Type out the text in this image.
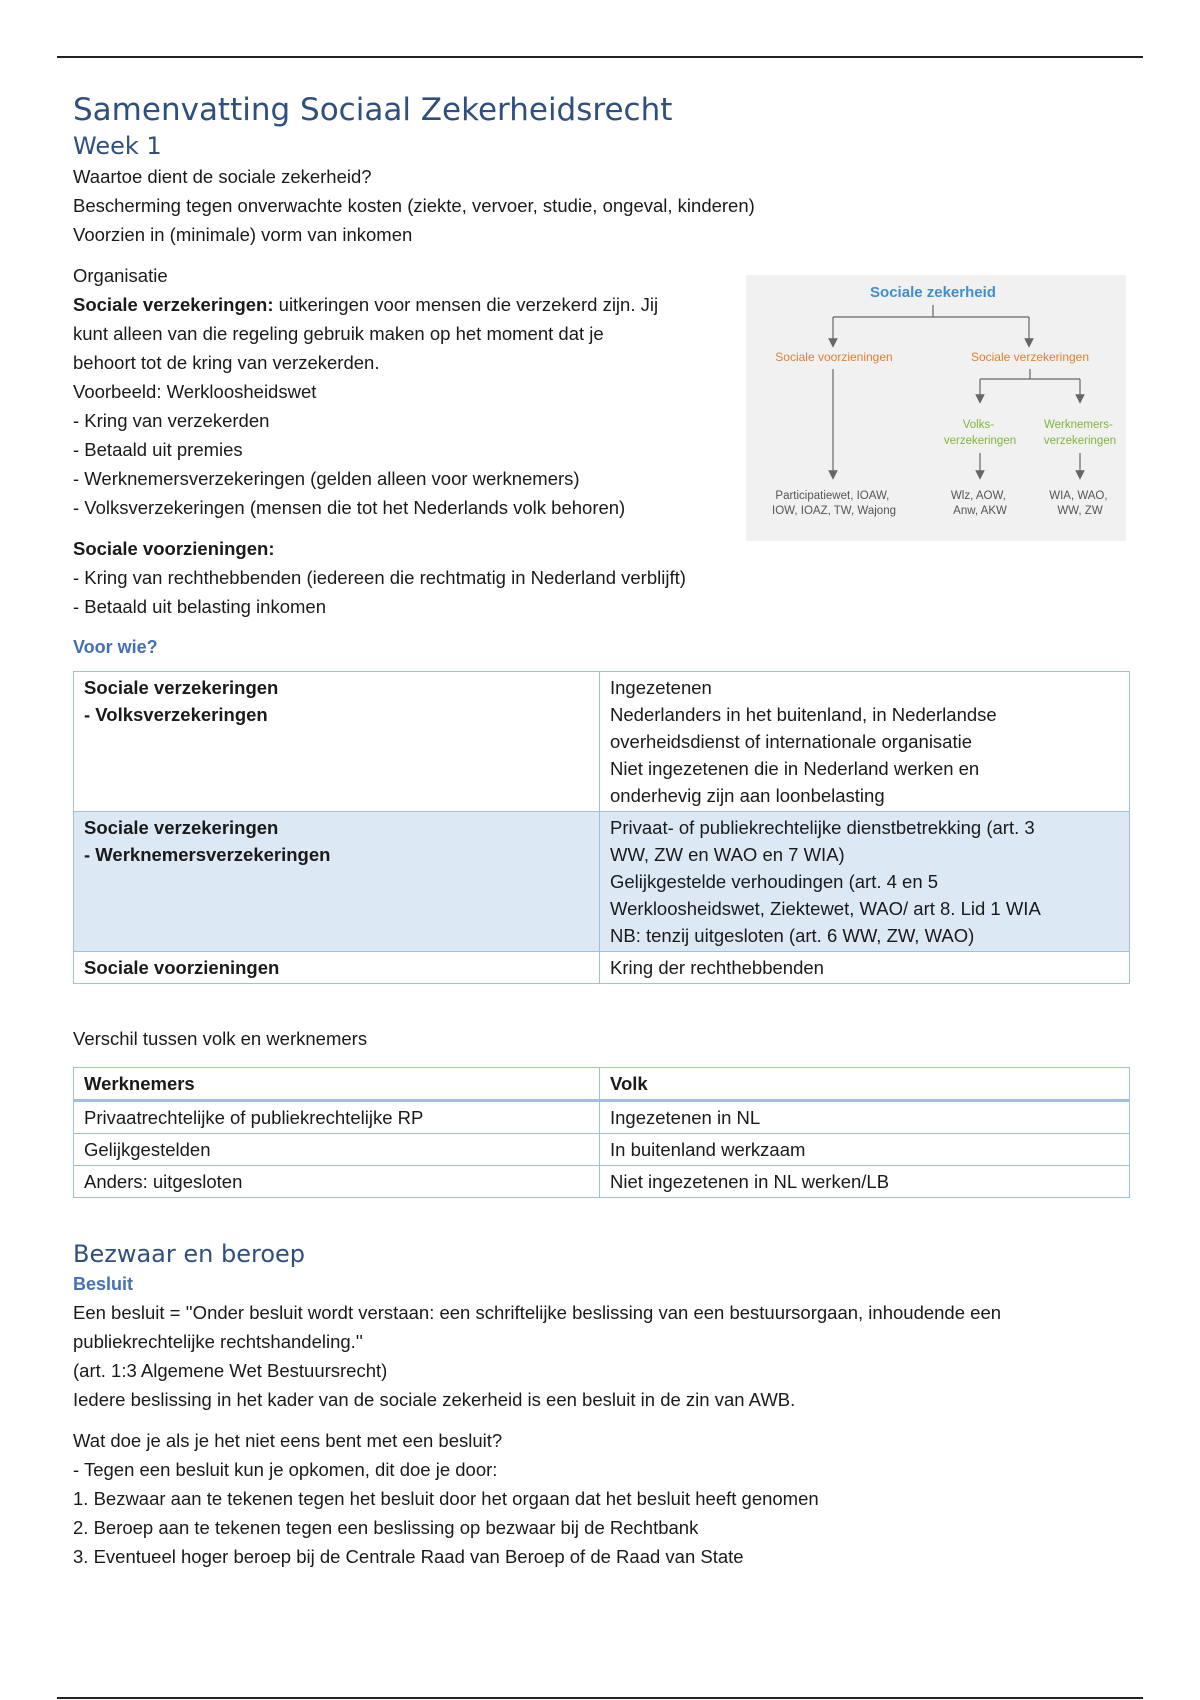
Samenvatting Sociaal Zekerheidsrecht
Week 1

Waartoe dient de sociale zekerheid?

Bescherming tegen onverwachte kosten (ziekte, vervoer, studie, ongeval, kinderen)

Voorzien in (minimale) vorm van inkomen

Organisatie

Sociale verzekeringen: uitkeringen voor mensen die verzekerd zijn. Jij

kunt alleen van die regeling gebruik maken op het moment dat je

behoort tot de kring van verzekerden.

Voorbeeld: Werkloosheidswet

- Kring van verzekerden

- Betaald uit premies

- Werknemersverzekeringen (gelden alleen voor werknemers)

- Volksverzekeringen (mensen die tot het Nederlands volk behoren)

Sociale voorzieningen:

- Kring van rechthebbenden (iedereen die rechtmatig in Nederland verblijft)

- Betaald uit belasting inkomen

Sociale zekerheid
Sociale voorzieningen	Sociale verzekeringen
Volks- verzekeringen
Werknemers- verzekeringen
Participatiewet, IOAW, IOW, IOAZ, TW, Wajong
Wlz, AOW, Anw, AKW
WIA, WAO, WW, ZW
Voor wie?
Sociale verzekeringen
- Volksverzekeringen	Ingezetenen
Nederlanders in het buitenland, in Nederlandse
overheidsdienst of internationale organisatie
Niet ingezetenen die in Nederland werken en
onderhevig zijn aan loonbelasting

Sociale verzekeringen
- Werknemersverzekeringen	Privaat- of publiekrechtelijke dienstbetrekking (art. 3
WW, ZW en WAO en 7 WIA)
Gelijkgestelde verhoudingen (art. 4 en 5
Werkloosheidswet, Ziektewet, WAO/ art 8. Lid 1 WIA
NB: tenzij uitgesloten (art. 6 WW, ZW, WAO)

Sociale voorzieningen	Kring der rechthebbenden

Verschil tussen volk en werknemers

Werknemers	Volk
Privaatrechtelijke of publiekrechtelijke RP	Ingezetenen in NL
Gelijkgestelden	In buitenland werkzaam
Anders: uitgesloten	Niet ingezetenen in NL werken/LB
Bezwaar en beroep
Besluit

Een besluit = ''Onder besluit wordt verstaan: een schriftelijke beslissing van een bestuursorgaan, inhoudende een

publiekrechtelijke rechtshandeling.''

(art. 1:3 Algemene Wet Bestuursrecht)

Iedere beslissing in het kader van de sociale zekerheid is een besluit in de zin van AWB.

Wat doe je als je het niet eens bent met een besluit?

- Tegen een besluit kun je opkomen, dit doe je door:

1. Bezwaar aan te tekenen tegen het besluit door het orgaan dat het besluit heeft genomen

2. Beroep aan te tekenen tegen een beslissing op bezwaar bij de Rechtbank

3. Eventueel hoger beroep bij de Centrale Raad van Beroep of de Raad van State
